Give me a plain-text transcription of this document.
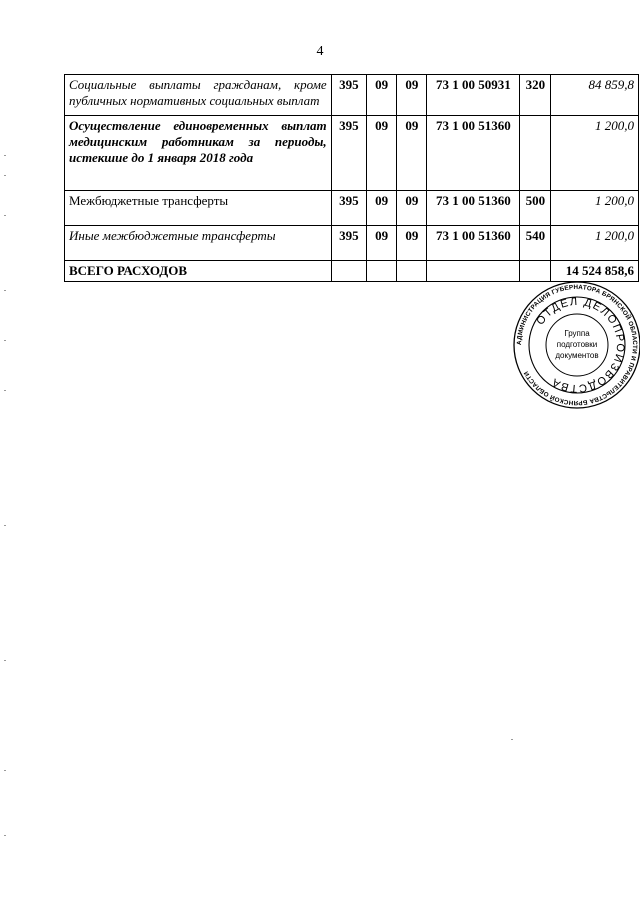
4
Социальные выплаты гражданам, кроме публичных нормативных социальных выплат	395	09	09	73 1 00 50931	320	84 859,8
Осуществление единовременных выплат медицинским работникам за периоды, истекшие до 1 января 2018 года	395	09	09	73 1 00 51360		1 200,0
Межбюджетные трансферты	395	09	09	73 1 00 51360	500	1 200,0
Иные межбюджетные трансферты	395	09	09	73 1 00 51360	540	1 200,0
ВСЕГО РАСХОДОВ						14 524 858,6
АДМИНИСТРАЦИЯ ГУБЕРНАТОРА БРЯНСКОЙ ОБЛАСТИ И ПРАВИТЕЛЬСТВА БРЯНСКОЙ ОБЛАСТИ
ОТДЕЛ ДЕЛОПРОИЗВОДСТВА
Группа
подготовки
документов
